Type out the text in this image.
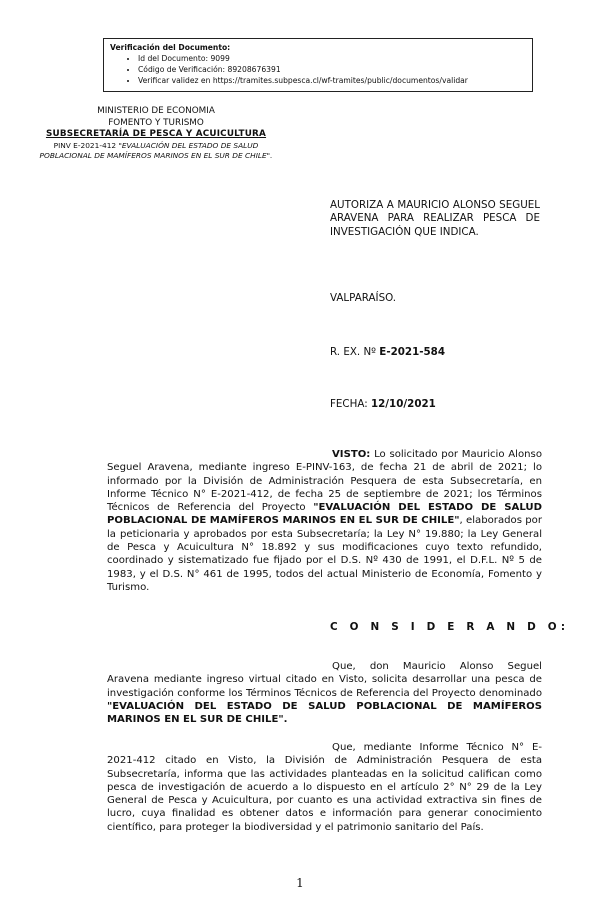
Verificación del Documento:
• Id del Documento: 9099
• Código de Verificación: 89208676391
• Verificar validez en https://tramites.subpesca.cl/wf-tramites/public/documentos/validar
MINISTERIO DE ECONOMIA
FOMENTO Y TURISMO
SUBSECRETARÍA DE PESCA Y ACUICULTURA
PINV E-2021-412 "EVALUACIÓN DEL ESTADO DE SALUD POBLACIONAL DE MAMÍFEROS MARINOS EN EL SUR DE CHILE".
AUTORIZA A MAURICIO ALONSO SEGUEL ARAVENA PARA REALIZAR PESCA DE INVESTIGACIÓN QUE INDICA.
VALPARAÍSO.
R. EX. Nº E-2021-584
FECHA: 12/10/2021
VISTO: Lo solicitado por Mauricio Alonso Seguel Aravena, mediante ingreso E-PINV-163, de fecha 21 de abril de 2021; lo informado por la División de Administración Pesquera de esta Subsecretaría, en Informe Técnico N° E-2021-412, de fecha 25 de septiembre de 2021; los Términos Técnicos de Referencia del Proyecto "EVALUACIÓN DEL ESTADO DE SALUD POBLACIONAL DE MAMÍFEROS MARINOS EN EL SUR DE CHILE", elaborados por la peticionaria y aprobados por esta Subsecretaría; la Ley N° 19.880; la Ley General de Pesca y Acuicultura N° 18.892 y sus modificaciones cuyo texto refundido, coordinado y sistematizado fue fijado por el D.S. Nº 430 de 1991, el D.F.L. Nº 5 de 1983, y el D.S. N° 461 de 1995, todos del actual Ministerio de Economía, Fomento y Turismo.
C O N S I D E R A N D O:
Que, don Mauricio Alonso Seguel Aravena mediante ingreso virtual citado en Visto, solicita desarrollar una pesca de investigación conforme los Términos Técnicos de Referencia del Proyecto denominado "EVALUACIÓN DEL ESTADO DE SALUD POBLACIONAL DE MAMÍFEROS MARINOS EN EL SUR DE CHILE".
Que, mediante Informe Técnico N° E-2021-412 citado en Visto, la División de Administración Pesquera de esta Subsecretaría, informa que las actividades planteadas en la solicitud califican como pesca de investigación de acuerdo a lo dispuesto en el artículo 2° N° 29 de la Ley General de Pesca y Acuicultura, por cuanto es una actividad extractiva sin fines de lucro, cuya finalidad es obtener datos e información para generar conocimiento científico, para proteger la biodiversidad y el patrimonio sanitario del País.
1
